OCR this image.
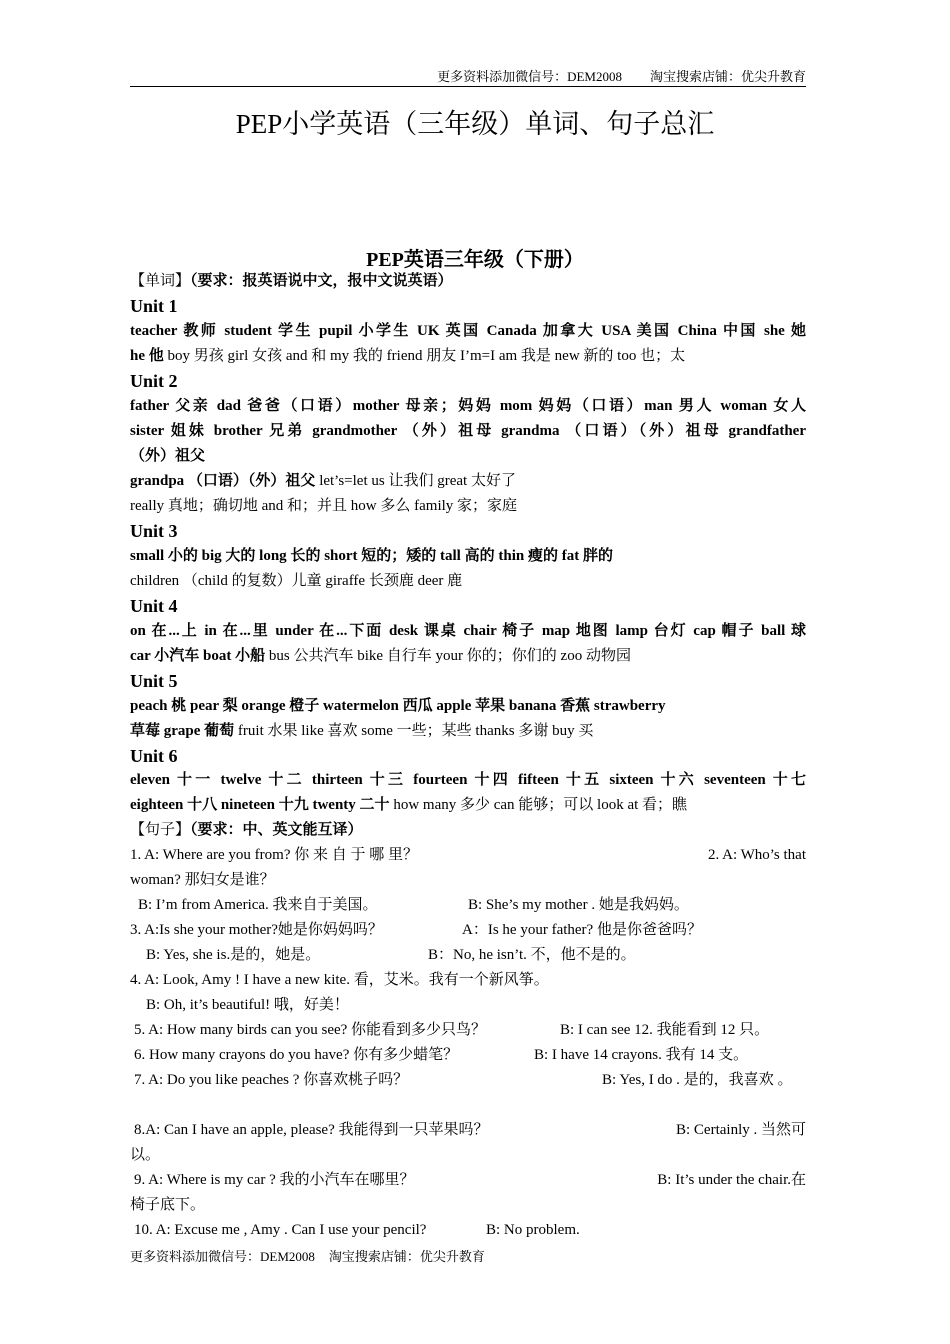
更多资料添加微信号：DEM2008 淘宝搜索店铺：优尖升教育
PEP小学英语（三年级）单词、句子总汇
PEP英语三年级（下册）
【单词】（要求：报英语说中文，报中文说英语）
Unit 1
teacher 教师 student 学生 pupil 小学生 UK 英国 Canada 加拿大 USA 美国 China 中国 she 她
he 他 boy 男孩 girl 女孩 and 和 my 我的 friend 朋友 I’m=I am 我是 new 新的 too 也；太
Unit 2
father 父亲 dad 爸爸（口语）mother 母亲；妈妈 mom 妈妈（口语）man 男人 woman 女人
sister 姐妹 brother 兄弟 grandmother （外）祖母 grandma （口语）（外）祖母 grandfather
（外）祖父
grandpa （口语）（外）祖父 let’s=let us 让我们 great 太好了
really 真地；确切地 and 和；并且 how 多么 family 家；家庭
Unit 3
small 小的 big 大的 long 长的 short 短的；矮的 tall 高的 thin 瘦的 fat 胖的
children （child 的复数）儿童 giraffe 长颈鹿 deer 鹿
Unit 4
on 在...上 in 在...里 under 在...下面 desk 课桌 chair 椅子 map 地图 lamp 台灯 cap 帽子 ball 球
car 小汽车 boat 小船 bus 公共汽车 bike 自行车 your 你的；你们的 zoo 动物园
Unit 5
peach 桃 pear 梨 orange 橙子 watermelon 西瓜 apple 苹果 banana 香蕉 strawberry
草莓 grape 葡萄 fruit 水果 like 喜欢 some 一些；某些 thanks 多谢 buy 买
Unit 6
eleven 十一 twelve 十二 thirteen 十三 fourteen 十四 fifteen 十五 sixteen 十六 seventeen 十七
eighteen 十八 nineteen 十九 twenty 二十 how many 多少 can 能够；可以 look at 看；瞧
【句子】（要求：中、英文能互译）
1. A: Where are you from? 你 来 自 于 哪 里？	2. A: Who’s that
woman? 那妇女是谁？
B: I’m from America. 我来自于美国。	B: She’s my mother . 她是我妈妈。
3. A:Is she your mother?她是你妈妈吗？	A：Is he your father? 他是你爸爸吗？
B: Yes, she is.是的，她是。	B：No, he isn’t. 不，他不是的。
4. A: Look, Amy ! I have a new kite. 看，艾米。我有一个新风筝。
B: Oh, it’s beautiful! 哦，好美！
5. A: How many birds can you see? 你能看到多少只鸟？	B: I can see 12. 我能看到 12 只。
6. How many crayons do you have? 你有多少蜡笔？	B: I have 14 crayons. 我有 14 支。
7. A: Do you like peaches ? 你喜欢桃子吗？	B: Yes, I do . 是的，我喜欢 。
8.A: Can I have an apple, please? 我能得到一只苹果吗？	B: Certainly . 当然可
以。
9. A: Where is my car ? 我的小汽车在哪里？	B: It’s under the chair.在
椅子底下。
10. A: Excuse me , Amy . Can I use your pencil?	B: No problem.
更多资料添加微信号：DEM2008 淘宝搜索店铺：优尖升教育
